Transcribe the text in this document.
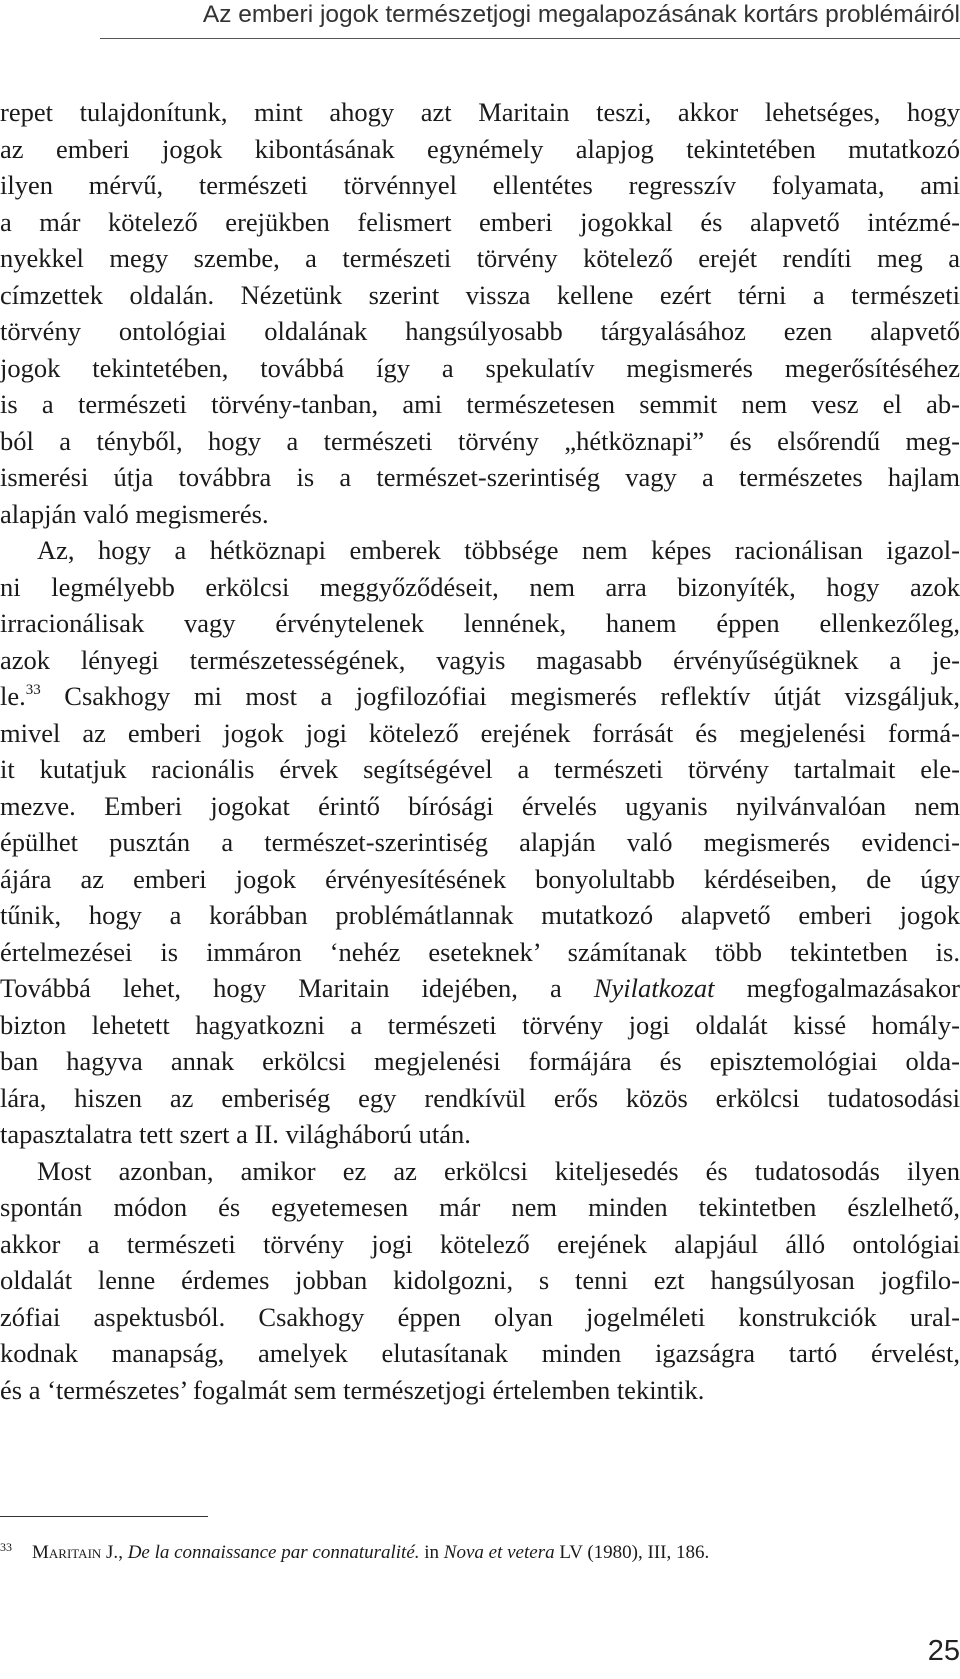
Az emberi jogok természetjogi megalapozásának kortárs problémáiról
repet tulajdonítunk, mint ahogy azt Maritain teszi, akkor lehetséges, hogy
az emberi jogok kibontásának egynémely alapjog tekintetében mutatkozó
ilyen mérvű, természeti törvénnyel ellentétes regresszív folyamata, ami
a már kötelező erejükben felismert emberi jogokkal és alapvető intézmé-
nyekkel megy szembe, a természeti törvény kötelező erejét rendíti meg a
címzettek oldalán. Nézetünk szerint vissza kellene ezért térni a természeti
törvény ontológiai oldalának hangsúlyosabb tárgyalásához ezen alapvető
jogok tekintetében, továbbá így a spekulatív megismerés megerősítéséhez
is a természeti törvény-tanban, ami természetesen semmit nem vesz el ab-
ból a tényből, hogy a természeti törvény „hétköznapi” és elsőrendű meg-
ismerési útja továbbra is a természet-szerintiség vagy a természetes hajlam
alapján való megismerés.
Az, hogy a hétköznapi emberek többsége nem képes racionálisan igazol-
ni legmélyebb erkölcsi meggyőződéseit, nem arra bizonyíték, hogy azok
irracionálisak vagy érvénytelenek lennének, hanem éppen ellenkezőleg,
azok lényegi természetességének, vagyis magasabb érvényűségüknek a je-
le.$^{33}$ Csakhogy mi most a jogfilozófiai megismerés reflektív útját vizsgáljuk,
mivel az emberi jogok jogi kötelező erejének forrását és megjelenési formá-
it kutatjuk racionális érvek segítségével a természeti törvény tartalmait ele-
mezve. Emberi jogokat érintő bírósági érvelés ugyanis nyilvánvalóan nem
épülhet pusztán a természet-szerintiség alapján való megismerés evidenci-
ájára az emberi jogok érvényesítésének bonyolultabb kérdéseiben, de úgy
tűnik, hogy a korábban problémátlannak mutatkozó alapvető emberi jogok
értelmezései is immáron ‘nehéz eseteknek’ számítanak több tekintetben is.
Továbbá lehet, hogy Maritain idejében, a Nyilatkozat megfogalmazásakor
bizton lehetett hagyatkozni a természeti törvény jogi oldalát kissé homály-
ban hagyva annak erkölcsi megjelenési formájára és episztemológiai olda-
lára, hiszen az emberiség egy rendkívül erős közös erkölcsi tudatosodási
tapasztalatra tett szert a II. világháború után.
Most azonban, amikor ez az erkölcsi kiteljesedés és tudatosodás ilyen
spontán módon és egyetemesen már nem minden tekintetben észlelhető,
akkor a természeti törvény jogi kötelező erejének alapjául álló ontológiai
oldalát lenne érdemes jobban kidolgozni, s tenni ezt hangsúlyosan jogfilo-
zófiai aspektusból. Csakhogy éppen olyan jogelméleti konstrukciók ural-
kodnak manapság, amelyek elutasítanak minden igazságra tartó érvelést,
és a ‘természetes’ fogalmát sem természetjogi értelemben tekintik.
$^{33}$ Maritain J., De la connaissance par connaturalité. in Nova et vetera LV (1980), III, 186.
25
